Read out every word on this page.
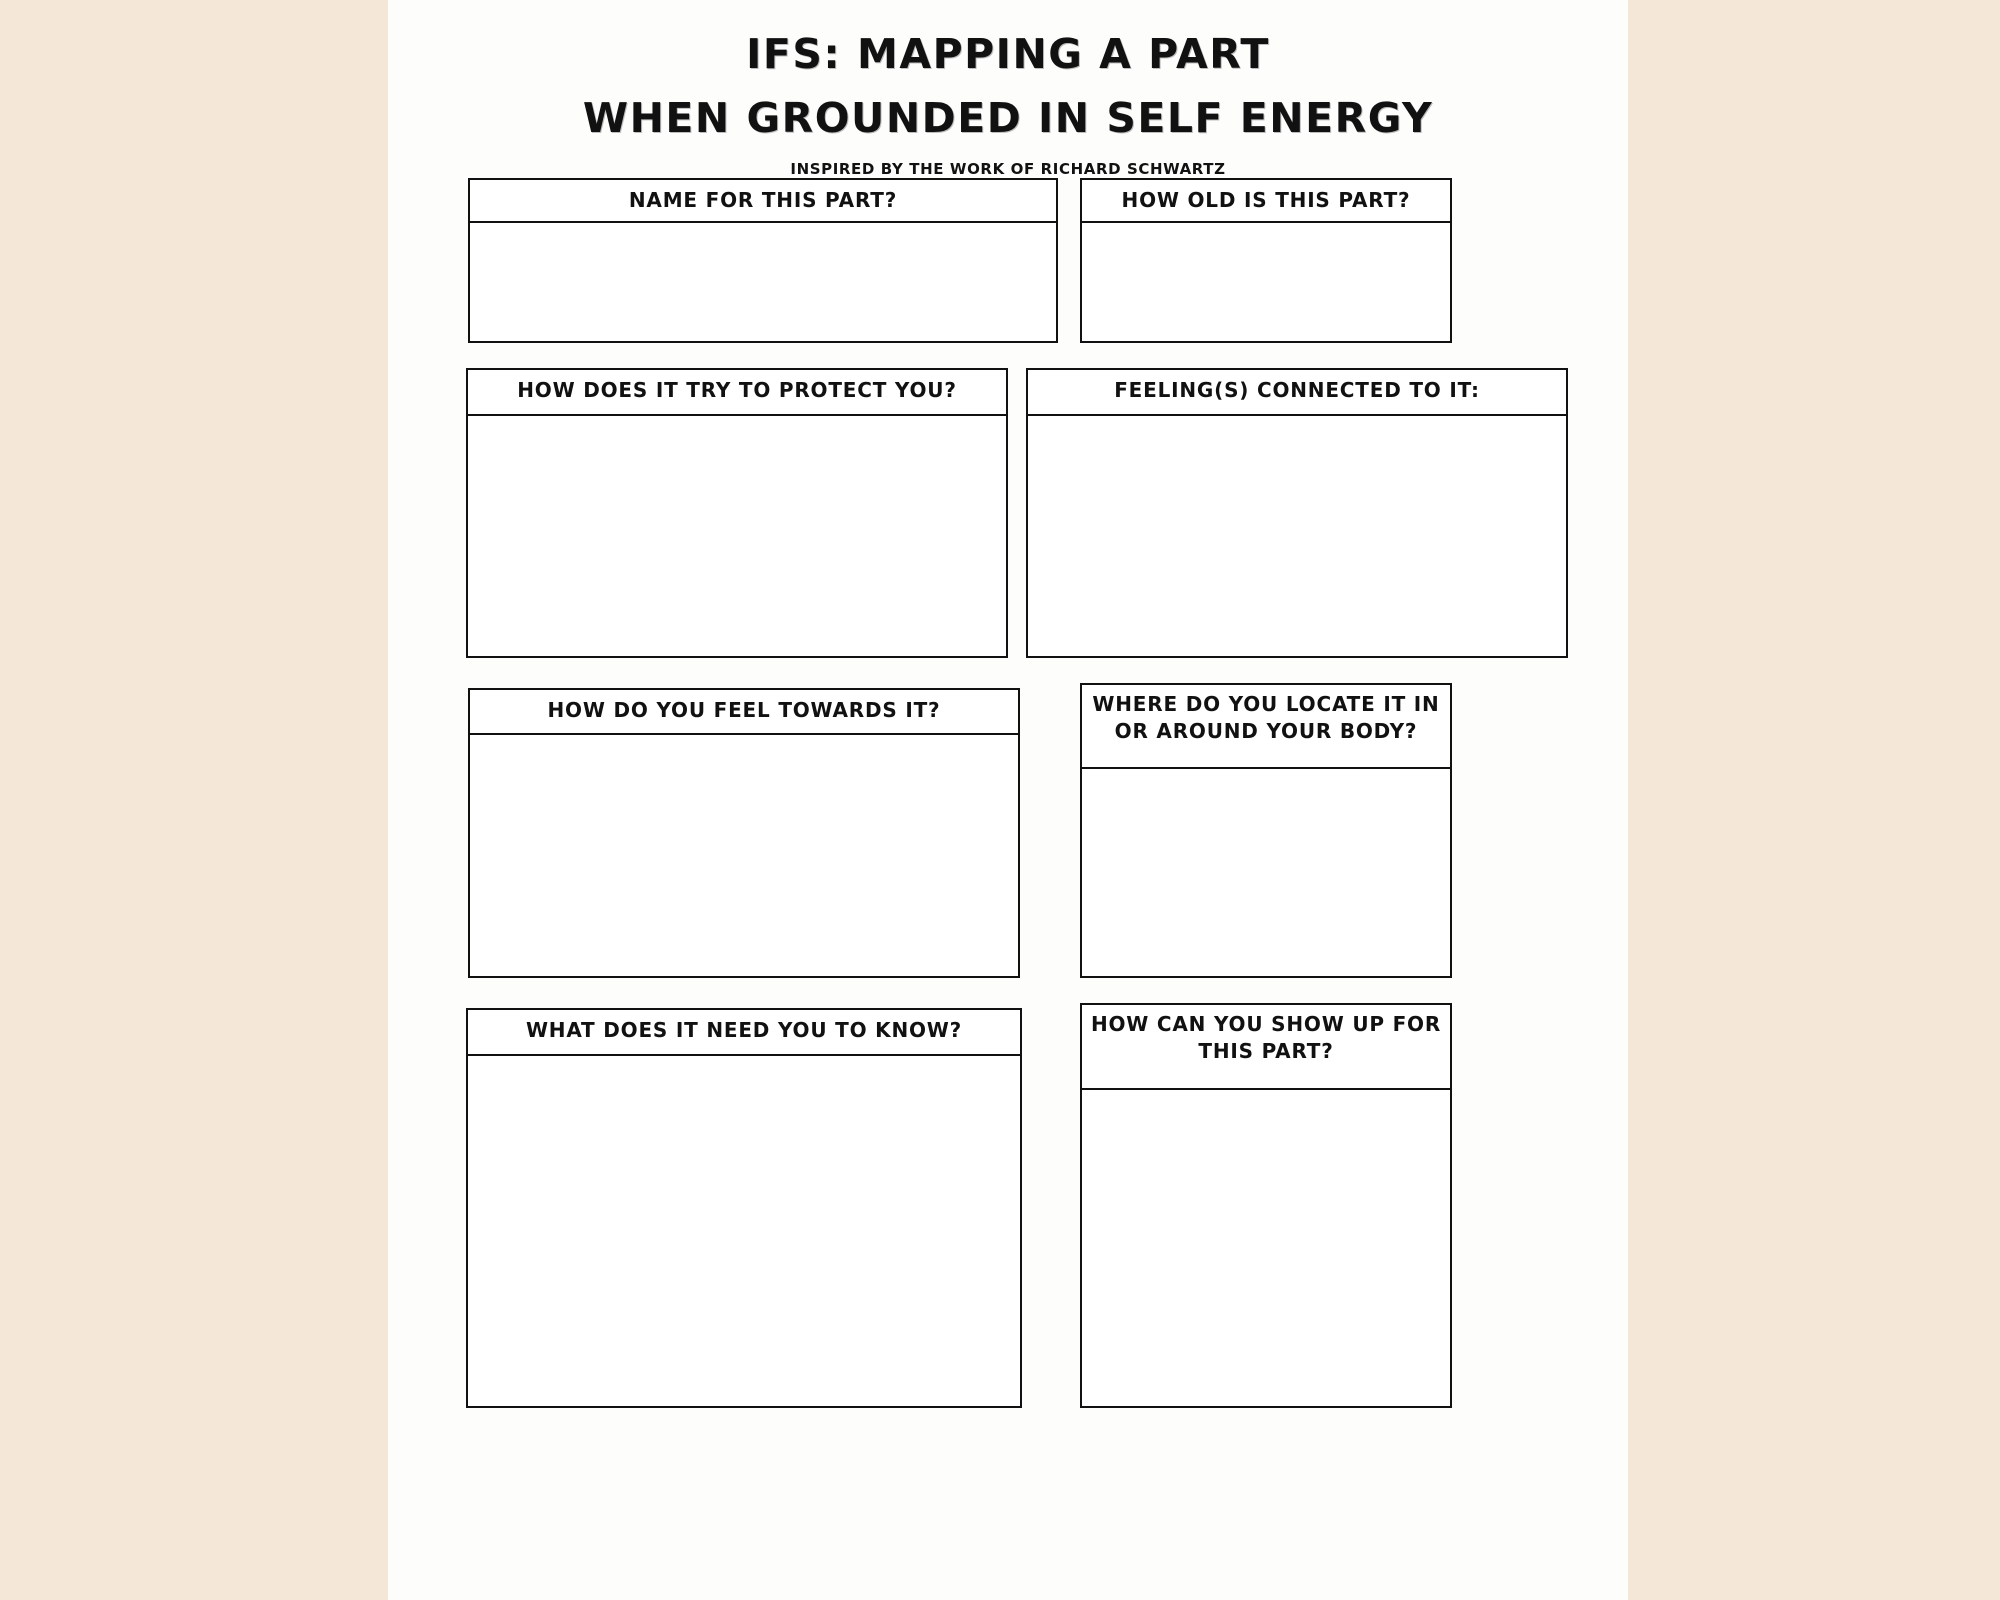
IFS: MAPPING A PART
WHEN GROUNDED IN SELF ENERGY
INSPIRED BY THE WORK OF RICHARD SCHWARTZ
NAME FOR THIS PART?	HOW OLD IS THIS PART?
HOW DOES IT TRY TO PROTECT YOU?	FEELING(S) CONNECTED TO IT:
HOW DO YOU FEEL TOWARDS IT?	WHERE DO YOU LOCATE IT IN OR AROUND YOUR BODY?
WHAT DOES IT NEED YOU TO KNOW?	HOW CAN YOU SHOW UP FOR THIS PART?
